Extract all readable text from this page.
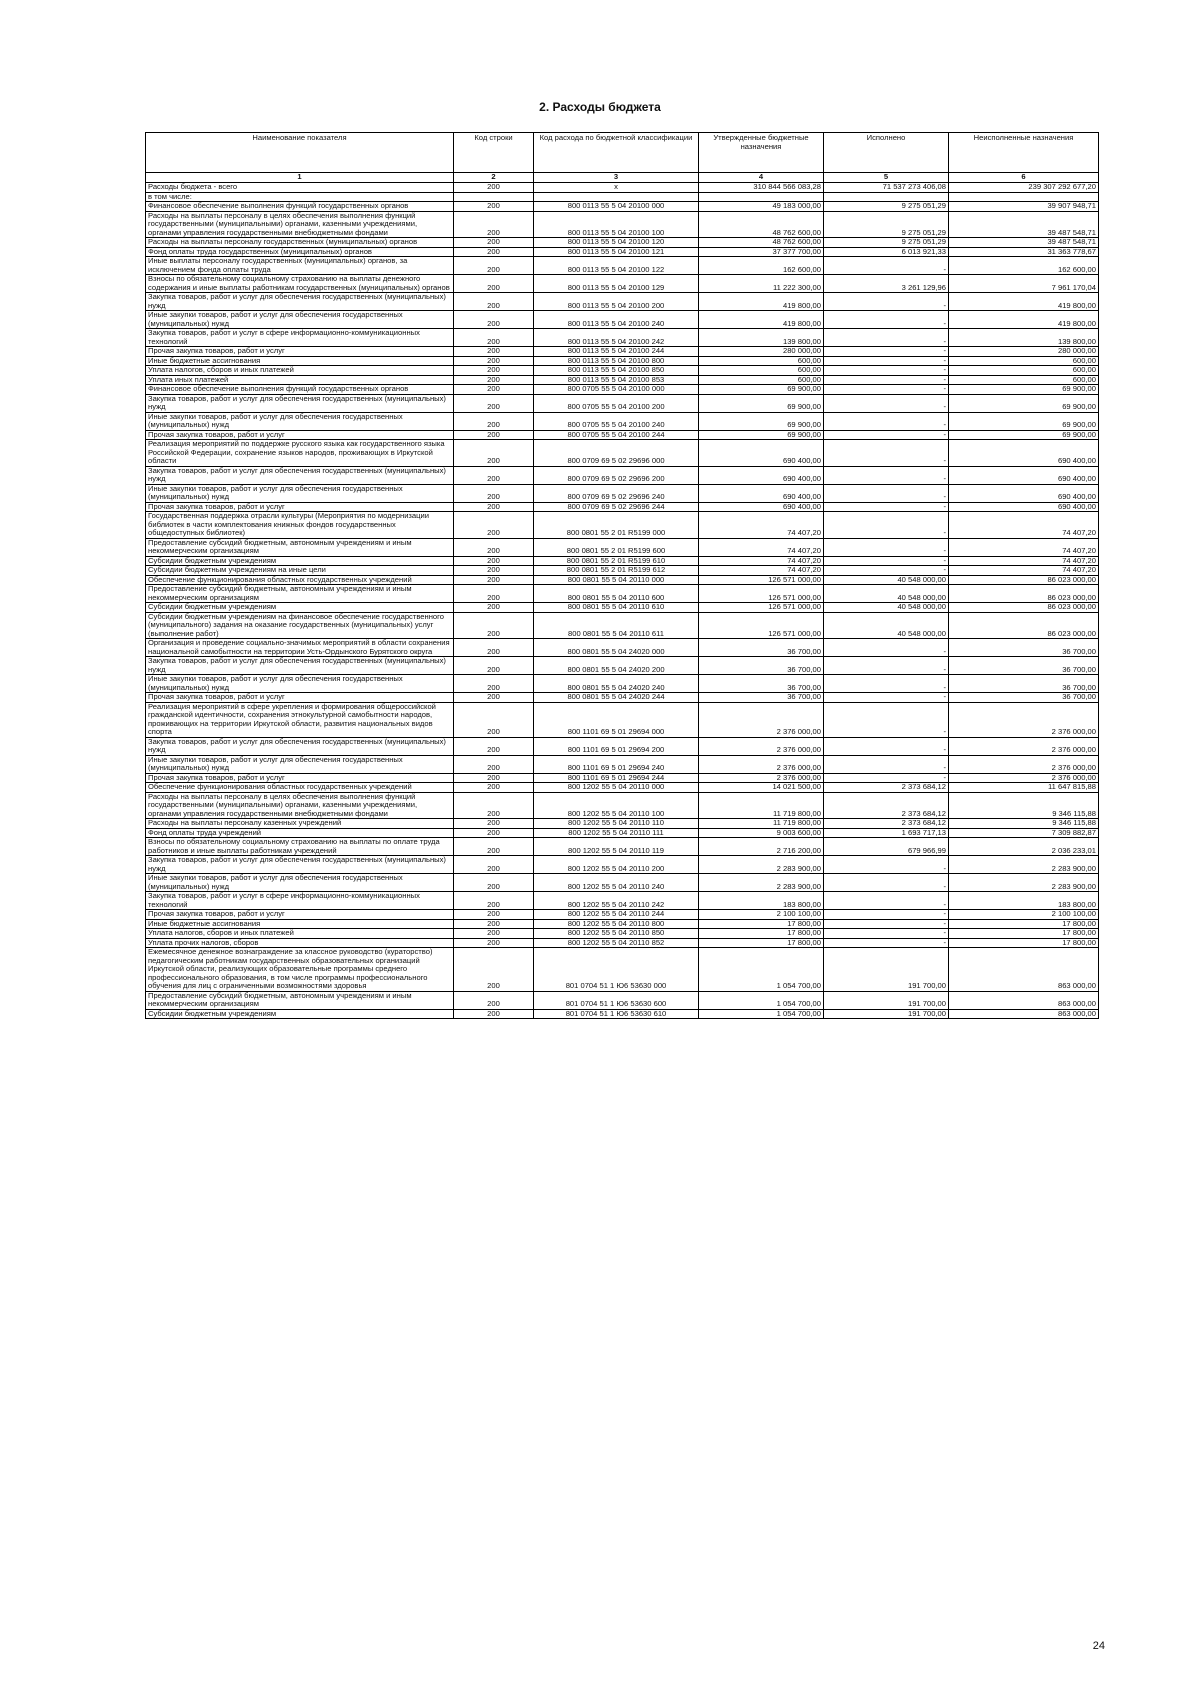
2. Расходы бюджета
Наименование показателя	Код строки	Код расхода по бюджетной классификации	Утвержденные бюджетные назначения	Исполнено	Неисполненные назначения
1	2	3	4	5	6
Расходы бюджета - всего	200	x	310 844 566 083,28	71 537 273 406,08	239 307 292 677,20
в том числе:					
Финансовое обеспечение выполнения функций государственных органов	200	800 0113 55 5 04 20100 000	49 183 000,00	9 275 051,29	39 907 948,71
Расходы на выплаты персоналу в целях обеспечения выполнения функций государственными (муниципальными) органами, казенными учреждениями, органами управления государственными внебюджетными фондами	200	800 0113 55 5 04 20100 100	48 762 600,00	9 275 051,29	39 487 548,71
Расходы на выплаты персоналу государственных (муниципальных) органов	200	800 0113 55 5 04 20100 120	48 762 600,00	9 275 051,29	39 487 548,71
Фонд оплаты труда государственных (муниципальных) органов	200	800 0113 55 5 04 20100 121	37 377 700,00	6 013 921,33	31 363 778,67
Иные выплаты персоналу государственных (муниципальных) органов, за исключением фонда оплаты труда	200	800 0113 55 5 04 20100 122	162 600,00	-	162 600,00
Взносы по обязательному социальному страхованию на выплаты денежного содержания и иные выплаты работникам государственных (муниципальных) органов	200	800 0113 55 5 04 20100 129	11 222 300,00	3 261 129,96	7 961 170,04
Закупка товаров, работ и услуг для обеспечения государственных (муниципальных) нужд	200	800 0113 55 5 04 20100 200	419 800,00	-	419 800,00
Иные закупки товаров, работ и услуг для обеспечения государственных (муниципальных) нужд	200	800 0113 55 5 04 20100 240	419 800,00	-	419 800,00
Закупка товаров, работ и услуг в сфере информационно-коммуникационных технологий	200	800 0113 55 5 04 20100 242	139 800,00	-	139 800,00
Прочая закупка товаров, работ и услуг	200	800 0113 55 5 04 20100 244	280 000,00	-	280 000,00
Иные бюджетные ассигнования	200	800 0113 55 5 04 20100 800	600,00	-	600,00
Уплата налогов, сборов и иных платежей	200	800 0113 55 5 04 20100 850	600,00	-	600,00
Уплата иных платежей	200	800 0113 55 5 04 20100 853	600,00	-	600,00
Финансовое обеспечение выполнения функций государственных органов	200	800 0705 55 5 04 20100 000	69 900,00	-	69 900,00
Закупка товаров, работ и услуг для обеспечения государственных (муниципальных) нужд	200	800 0705 55 5 04 20100 200	69 900,00	-	69 900,00
Иные закупки товаров, работ и услуг для обеспечения государственных (муниципальных) нужд	200	800 0705 55 5 04 20100 240	69 900,00	-	69 900,00
Прочая закупка товаров, работ и услуг	200	800 0705 55 5 04 20100 244	69 900,00	-	69 900,00
Реализация мероприятий по поддержке русского языка как государственного языка Российской Федерации, сохранение языков народов, проживающих в Иркутской области	200	800 0709 69 5 02 29696 000	690 400,00	-	690 400,00
Закупка товаров, работ и услуг для обеспечения государственных (муниципальных) нужд	200	800 0709 69 5 02 29696 200	690 400,00	-	690 400,00
Иные закупки товаров, работ и услуг для обеспечения государственных (муниципальных) нужд	200	800 0709 69 5 02 29696 240	690 400,00	-	690 400,00
Прочая закупка товаров, работ и услуг	200	800 0709 69 5 02 29696 244	690 400,00	-	690 400,00
Государственная поддержка отрасли культуры (Мероприятия по модернизации библиотек в части комплектования книжных фондов государственных общедоступных библиотек)	200	800 0801 55 2 01 R5199 000	74 407,20	-	74 407,20
Предоставление субсидий бюджетным, автономным учреждениям и иным некоммерческим организациям	200	800 0801 55 2 01 R5199 600	74 407,20	-	74 407,20
Субсидии бюджетным учреждениям	200	800 0801 55 2 01 R5199 610	74 407,20	-	74 407,20
Субсидии бюджетным учреждениям на иные цели	200	800 0801 55 2 01 R5199 612	74 407,20	-	74 407,20
Обеспечение функционирования областных государственных учреждений	200	800 0801 55 5 04 20110 000	126 571 000,00	40 548 000,00	86 023 000,00
Предоставление субсидий бюджетным, автономным учреждениям и иным некоммерческим организациям	200	800 0801 55 5 04 20110 600	126 571 000,00	40 548 000,00	86 023 000,00
Субсидии бюджетным учреждениям	200	800 0801 55 5 04 20110 610	126 571 000,00	40 548 000,00	86 023 000,00
Субсидии бюджетным учреждениям на финансовое обеспечение государственного (муниципального) задания на оказание государственных (муниципальных) услуг (выполнение работ)	200	800 0801 55 5 04 20110 611	126 571 000,00	40 548 000,00	86 023 000,00
Организация и проведение социально-значимых мероприятий в области сохранения национальной самобытности на территории Усть-Ордынского Бурятского округа	200	800 0801 55 5 04 24020 000	36 700,00	-	36 700,00
Закупка товаров, работ и услуг для обеспечения государственных (муниципальных) нужд	200	800 0801 55 5 04 24020 200	36 700,00	-	36 700,00
Иные закупки товаров, работ и услуг для обеспечения государственных (муниципальных) нужд	200	800 0801 55 5 04 24020 240	36 700,00	-	36 700,00
Прочая закупка товаров, работ и услуг	200	800 0801 55 5 04 24020 244	36 700,00	-	36 700,00
Реализация мероприятий в сфере укрепления и формирования общероссийской гражданской идентичности, сохранения этнокультурной самобытности народов, проживающих на территории Иркутской области, развития национальных видов спорта	200	800 1101 69 5 01 29694 000	2 376 000,00	-	2 376 000,00
Закупка товаров, работ и услуг для обеспечения государственных (муниципальных) нужд	200	800 1101 69 5 01 29694 200	2 376 000,00	-	2 376 000,00
Иные закупки товаров, работ и услуг для обеспечения государственных (муниципальных) нужд	200	800 1101 69 5 01 29694 240	2 376 000,00	-	2 376 000,00
Прочая закупка товаров, работ и услуг	200	800 1101 69 5 01 29694 244	2 376 000,00	-	2 376 000,00
Обеспечение функционирования областных государственных учреждений	200	800 1202 55 5 04 20110 000	14 021 500,00	2 373 684,12	11 647 815,88
Расходы на выплаты персоналу в целях обеспечения выполнения функций государственными (муниципальными) органами, казенными учреждениями, органами управления государственными внебюджетными фондами	200	800 1202 55 5 04 20110 100	11 719 800,00	2 373 684,12	9 346 115,88
Расходы на выплаты персоналу казенных учреждений	200	800 1202 55 5 04 20110 110	11 719 800,00	2 373 684,12	9 346 115,88
Фонд оплаты труда учреждений	200	800 1202 55 5 04 20110 111	9 003 600,00	1 693 717,13	7 309 882,87
Взносы по обязательному социальному страхованию на выплаты по оплате труда работников и иные выплаты работникам учреждений	200	800 1202 55 5 04 20110 119	2 716 200,00	679 966,99	2 036 233,01
Закупка товаров, работ и услуг для обеспечения государственных (муниципальных) нужд	200	800 1202 55 5 04 20110 200	2 283 900,00	-	2 283 900,00
Иные закупки товаров, работ и услуг для обеспечения государственных (муниципальных) нужд	200	800 1202 55 5 04 20110 240	2 283 900,00	-	2 283 900,00
Закупка товаров, работ и услуг в сфере информационно-коммуникационных технологий	200	800 1202 55 5 04 20110 242	183 800,00	-	183 800,00
Прочая закупка товаров, работ и услуг	200	800 1202 55 5 04 20110 244	2 100 100,00	-	2 100 100,00
Иные бюджетные ассигнования	200	800 1202 55 5 04 20110 800	17 800,00	-	17 800,00
Уплата налогов, сборов и иных платежей	200	800 1202 55 5 04 20110 850	17 800,00	-	17 800,00
Уплата прочих налогов, сборов	200	800 1202 55 5 04 20110 852	17 800,00	-	17 800,00
Ежемесячное денежное вознаграждение за классное руководство (кураторство) педагогическим работникам государственных образовательных организаций Иркутской области, реализующих образовательные программы среднего профессионального образования, в том числе программы профессионального обучения для лиц с ограниченными возможностями здоровья	200	801 0704 51 1 Ю6 53630 000	1 054 700,00	191 700,00	863 000,00
Предоставление субсидий бюджетным, автономным учреждениям и иным некоммерческим организациям	200	801 0704 51 1 Ю6 53630 600	1 054 700,00	191 700,00	863 000,00
Субсидии бюджетным учреждениям	200	801 0704 51 1 Ю6 53630 610	1 054 700,00	191 700,00	863 000,00
24
